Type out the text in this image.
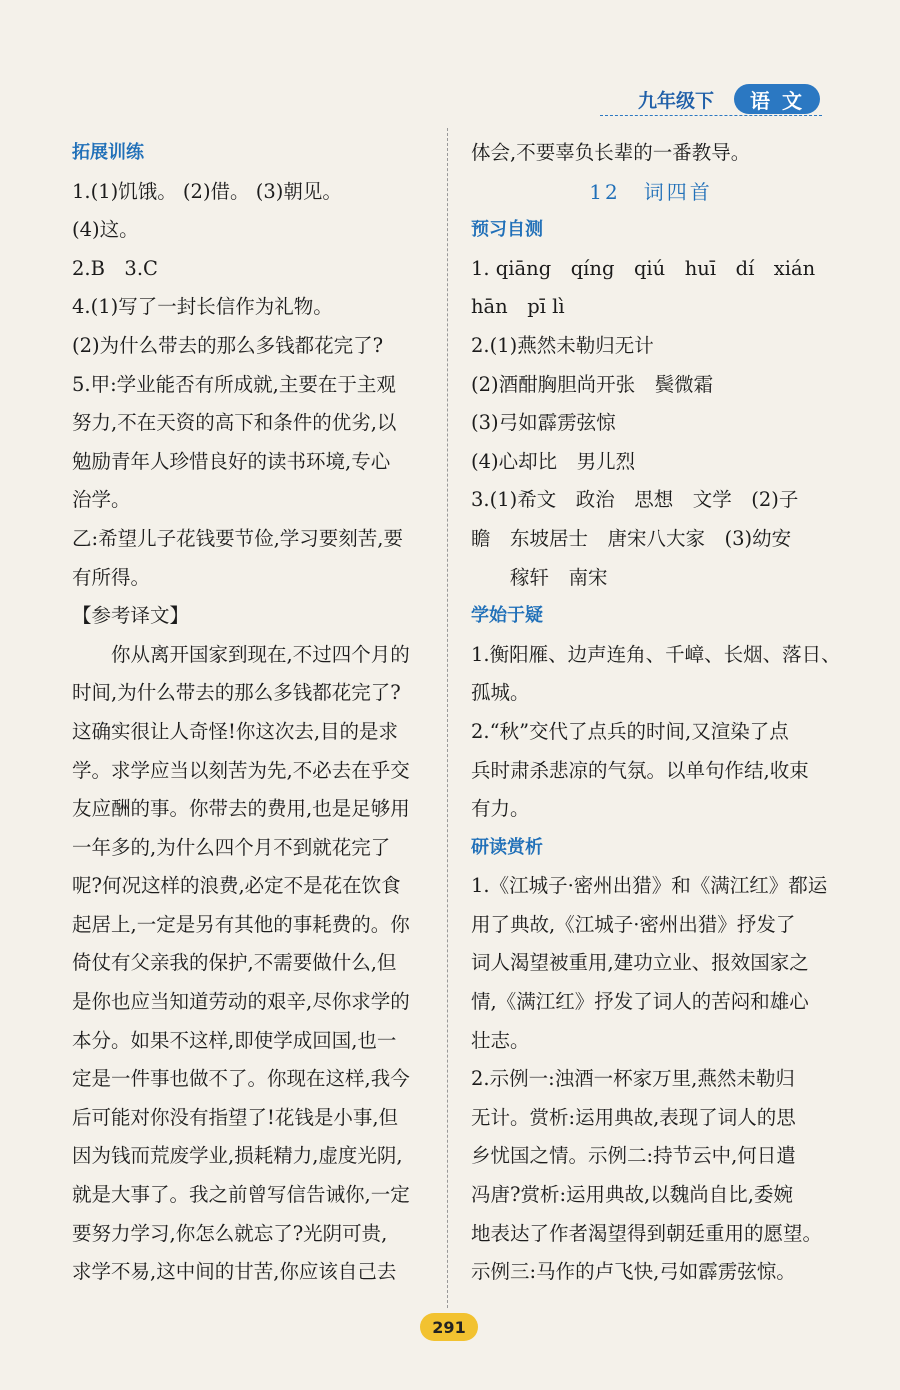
九年级下	语文

拓展训练

1.(1)饥饿。 (2)借。 (3)朝见。

(4)这。

2.B　3.C

4.(1)写了一封长信作为礼物。

(2)为什么带去的那么多钱都花完了?

5.甲:学业能否有所成就,主要在于主观

努力,不在天资的高下和条件的优劣,以

勉励青年人珍惜良好的读书环境,专心

治学。

乙:希望儿子花钱要节俭,学习要刻苦,要

有所得。

【参考译文】

你从离开国家到现在,不过四个月的

时间,为什么带去的那么多钱都花完了?

这确实很让人奇怪!你这次去,目的是求

学。求学应当以刻苦为先,不必去在乎交

友应酬的事。你带去的费用,也是足够用

一年多的,为什么四个月不到就花完了

呢?何况这样的浪费,必定不是花在饮食

起居上,一定是另有其他的事耗费的。你

倚仗有父亲我的保护,不需要做什么,但

是你也应当知道劳动的艰辛,尽你求学的

本分。如果不这样,即使学成回国,也一

定是一件事也做不了。你现在这样,我今

后可能对你没有指望了!花钱是小事,但

因为钱而荒废学业,损耗精力,虚度光阴,

就是大事了。我之前曾写信告诫你,一定

要努力学习,你怎么就忘了?光阴可贵,

求学不易,这中间的甘苦,你应该自己去

体会,不要辜负长辈的一番教导。

12　词四首

预习自测

1. qiāng　qíng　qiú　huī　dí　xián

hān　pī lì

2.(1)燕然未勒归无计

(2)酒酣胸胆尚开张　鬓微霜

(3)弓如霹雳弦惊

(4)心却比　男儿烈

3.(1)希文　政治　思想　文学　(2)子

瞻　东坡居士　唐宋八大家　(3)幼安

稼轩　南宋

学始于疑

1.衡阳雁、边声连角、千嶂、长烟、落日、

孤城。

2.“秋”交代了点兵的时间,又渲染了点

兵时肃杀悲凉的气氛。以单句作结,收束

有力。

研读赏析

1.《江城子·密州出猎》和《满江红》都运

用了典故,《江城子·密州出猎》抒发了

词人渴望被重用,建功立业、报效国家之

情,《满江红》抒发了词人的苦闷和雄心

壮志。

2.示例一:浊酒一杯家万里,燕然未勒归

无计。赏析:运用典故,表现了词人的思

乡忧国之情。示例二:持节云中,何日遣

冯唐?赏析:运用典故,以魏尚自比,委婉

地表达了作者渴望得到朝廷重用的愿望。

示例三:马作的卢飞快,弓如霹雳弦惊。

291
